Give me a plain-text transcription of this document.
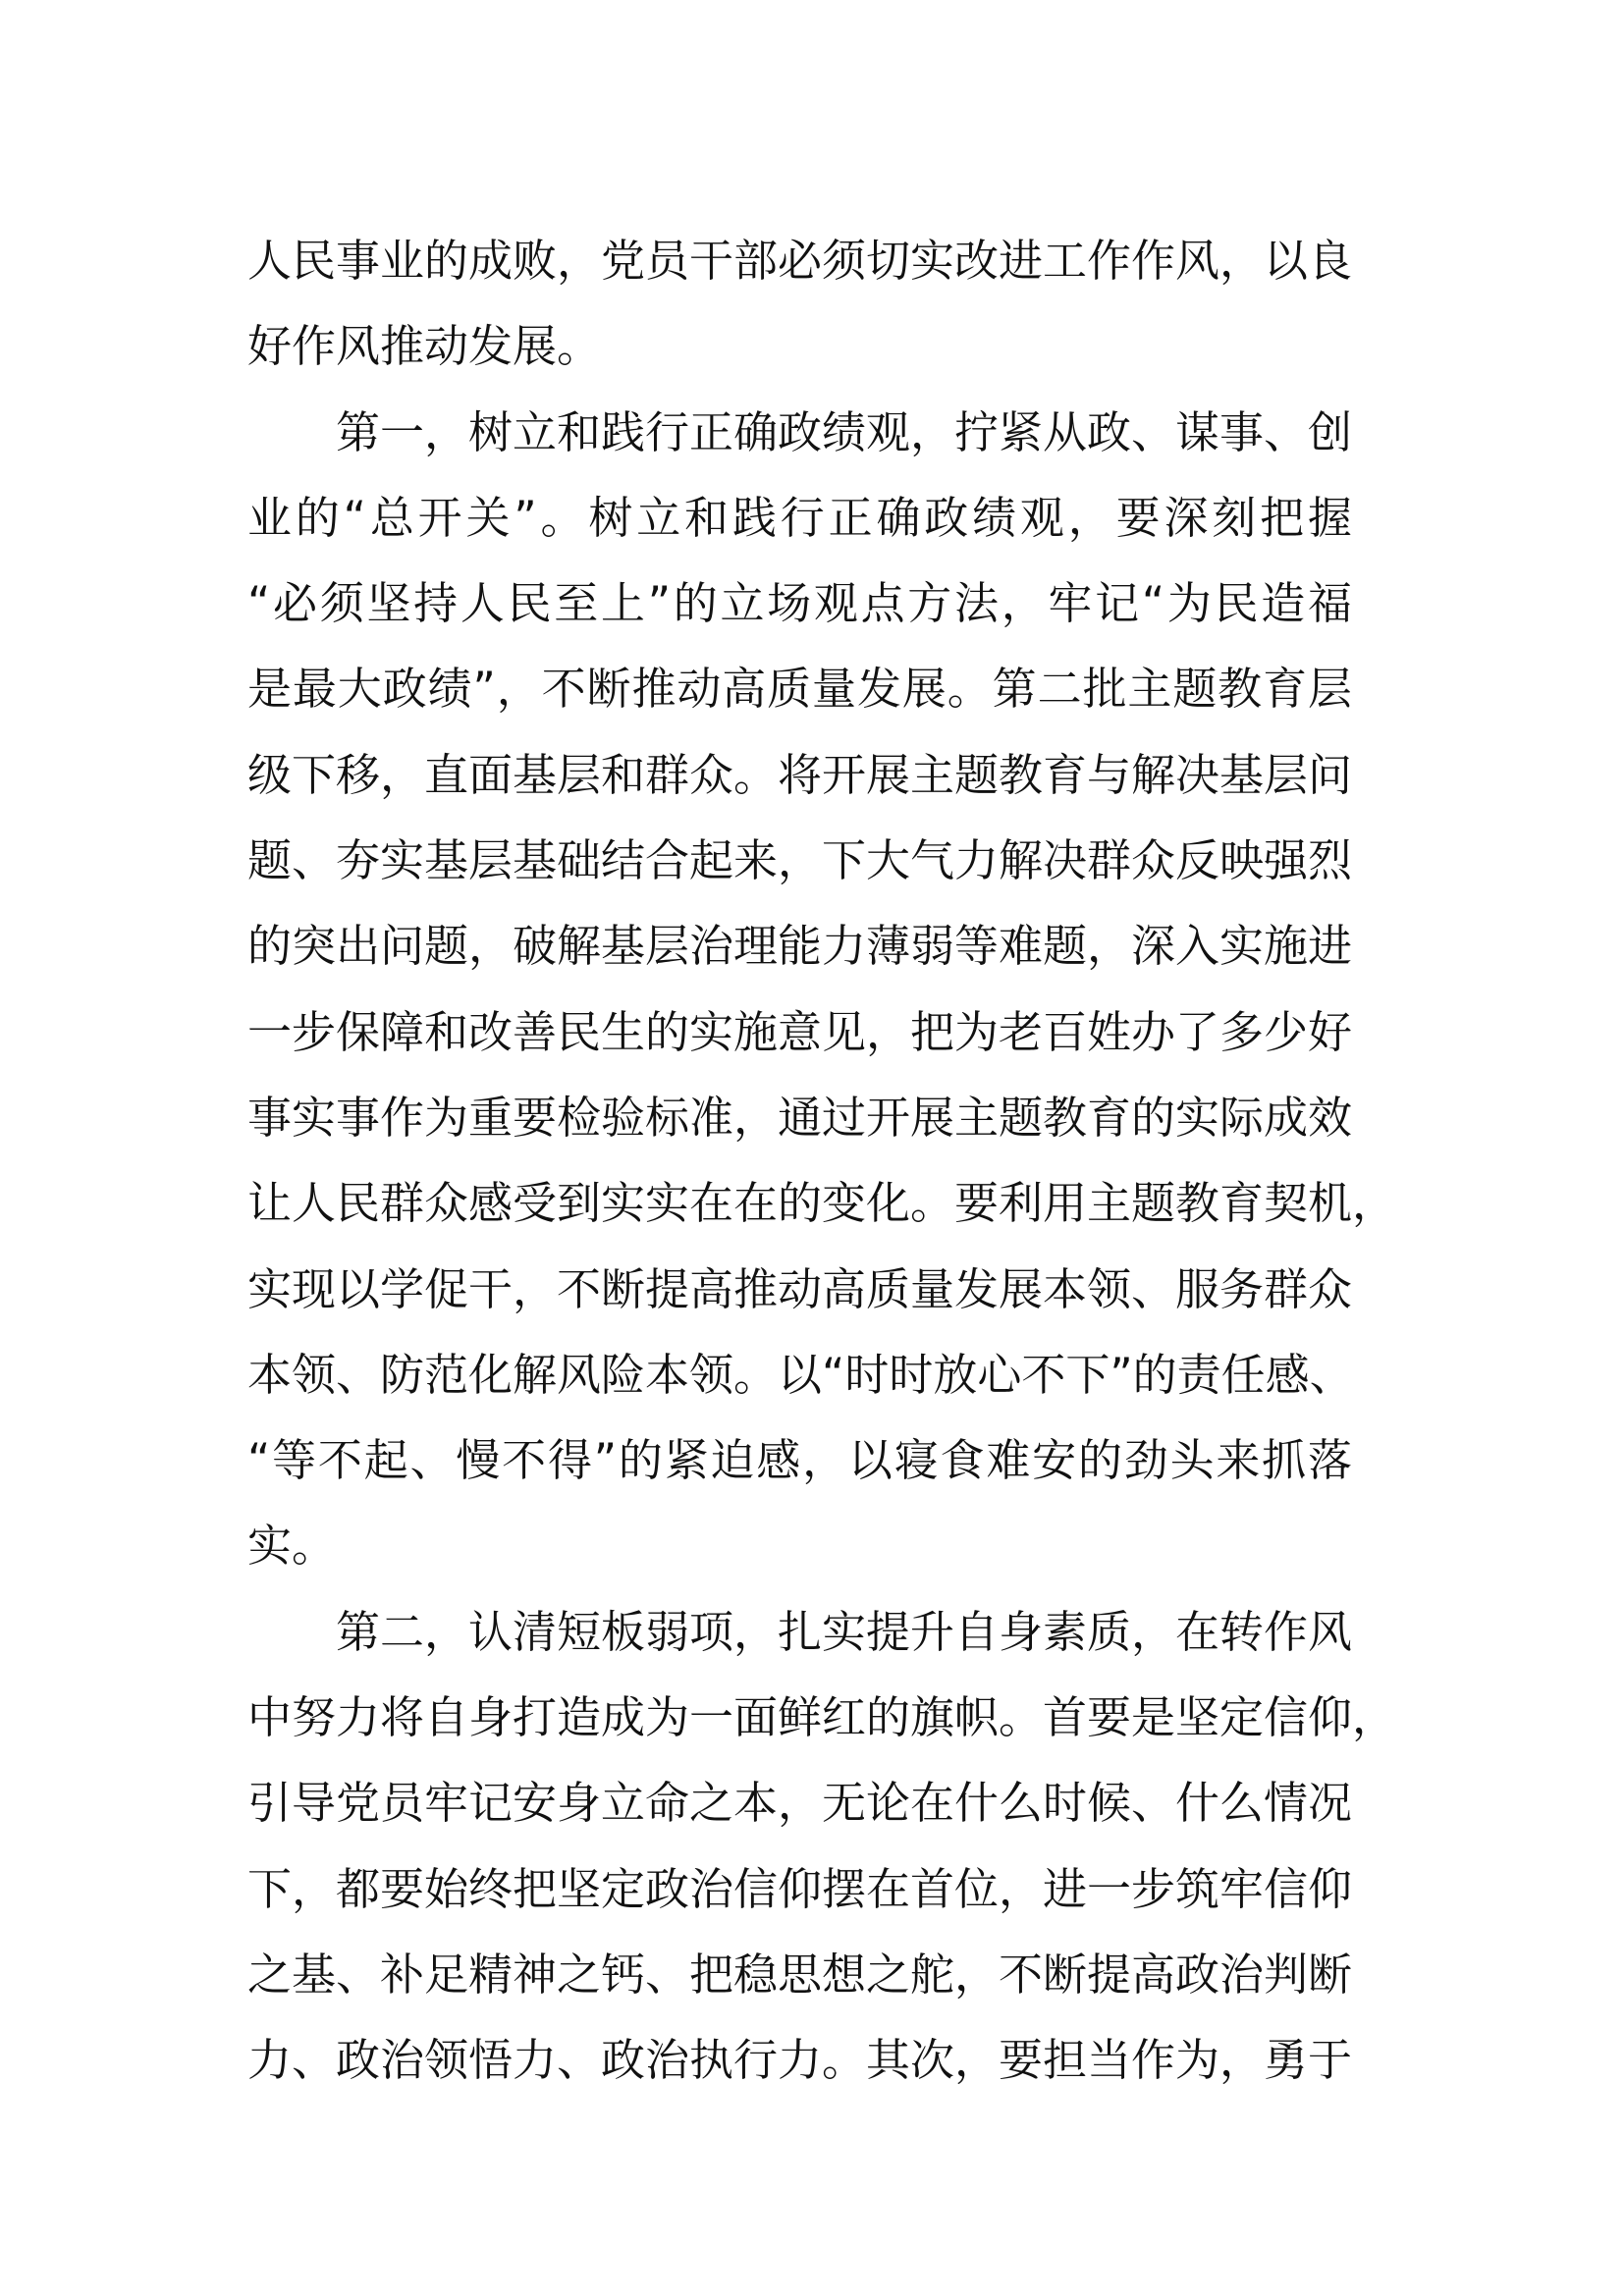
人民事业的成败，党员干部必须切实改进工作作风，以良
好作风推动发展。
　　第一，树立和践行正确政绩观，拧紧从政、谋事、创
业的“总开关”。树立和践行正确政绩观，要深刻把握
“必须坚持人民至上”的立场观点方法，牢记“为民造福
是最大政绩”，不断推动高质量发展。第二批主题教育层
级下移，直面基层和群众。将开展主题教育与解决基层问
题、夯实基层基础结合起来，下大气力解决群众反映强烈
的突出问题，破解基层治理能力薄弱等难题，深入实施进
一步保障和改善民生的实施意见，把为老百姓办了多少好
事实事作为重要检验标准，通过开展主题教育的实际成效
让人民群众感受到实实在在的变化。要利用主题教育契机，
实现以学促干，不断提高推动高质量发展本领、服务群众
本领、防范化解风险本领。以“时时放心不下”的责任感、
“等不起、慢不得”的紧迫感，以寝食难安的劲头来抓落
实。
　　第二，认清短板弱项，扎实提升自身素质，在转作风
中努力将自身打造成为一面鲜红的旗帜。首要是坚定信仰，
引导党员牢记安身立命之本，无论在什么时候、什么情况
下，都要始终把坚定政治信仰摆在首位，进一步筑牢信仰
之基、补足精神之钙、把稳思想之舵，不断提高政治判断
力、政治领悟力、政治执行力。其次，要担当作为，勇于
